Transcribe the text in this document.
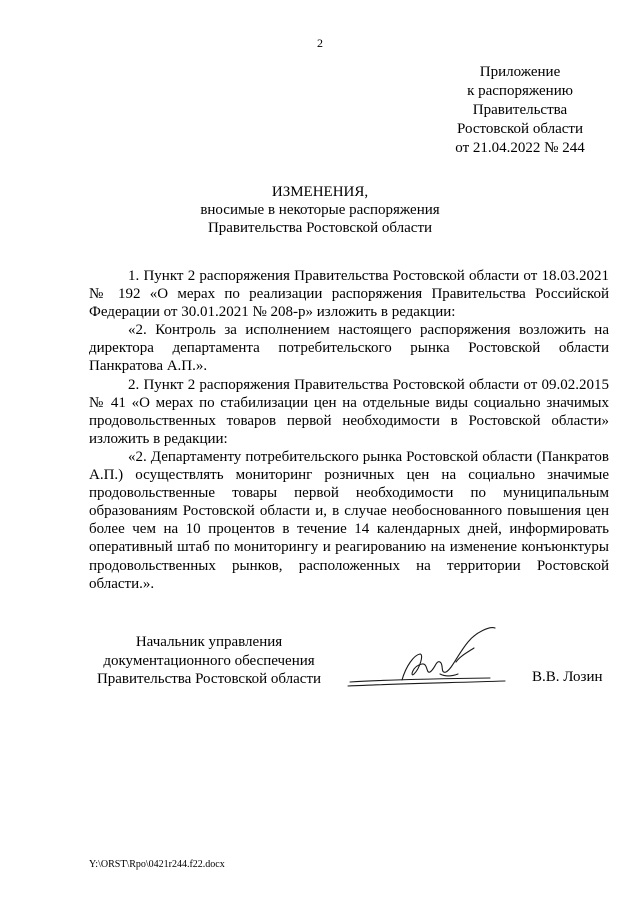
2
Приложение
к распоряжению
Правительства
Ростовской области
от 21.04.2022 № 244
ИЗМЕНЕНИЯ,
вносимые в некоторые распоряжения
Правительства Ростовской области

1. Пункт 2 распоряжения Правительства Ростовской области от 18.03.2021 № 192 «О мерах по реализации распоряжения Правительства Российской Федерации от 30.01.2021 № 208-р» изложить в редакции:

«2. Контроль за исполнением настоящего распоряжения возложить на директора департамента потребительского рынка Ростовской области Панкратова А.П.».

2. Пункт 2 распоряжения Правительства Ростовской области от 09.02.2015 № 41 «О мерах по стабилизации цен на отдельные виды социально значимых продовольственных товаров первой необходимости в Ростовской области» изложить в редакции:

«2. Департаменту потребительского рынка Ростовской области (Панкратов А.П.) осуществлять мониторинг розничных цен на социально значимые продовольственные товары первой необходимости по муниципальным образованиям Ростовской области и, в случае необоснованного повышения цен более чем на 10 процентов в течение 14 календарных дней, информировать оперативный штаб по мониторингу и реагированию на изменение конъюнктуры продовольственных рынков, расположенных на территории Ростовской области.».

Начальник управления
документационного обеспечения
Правительства Ростовской области	В.В. Лозин
Y:\ORST\Rpo\0421r244.f22.docx
